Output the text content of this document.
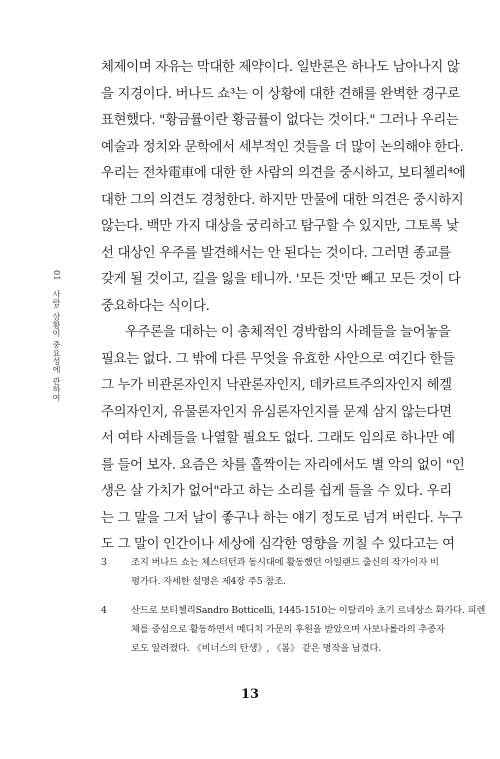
01 사람: 상황이 중요성에 관하여
체제이며 자유는 막대한 제약이다. 일반론은 하나도 남아나지 않
을 지경이다. 버나드 쇼³는 이 상황에 대한 견해를 완벽한 경구로
표현했다. "황금률이란 황금률이 없다는 것이다." 그러나 우리는
예술과 정치와 문학에서 세부적인 것들을 더 많이 논의해야 한다.
우리는 전차電車에 대한 한 사람의 의견을 중시하고, 보티첼리⁴에
대한 그의 의견도 경청한다. 하지만 만물에 대한 의견은 중시하지
않는다. 백만 가지 대상을 궁리하고 탐구할 수 있지만, 그토록 낯
선 대상인 우주를 발견해서는 안 된다는 것이다. 그러면 종교를
갖게 될 것이고, 길을 잃을 테니까. '모든 것'만 빼고 모든 것이 다
중요하다는 식이다.
우주론을 대하는 이 총체적인 경박함의 사례들을 늘어놓을
필요는 없다. 그 밖에 다른 무엇을 유효한 사안으로 여긴다 한들
그 누가 비관론자인지 낙관론자인지, 데카르트주의자인지 헤겔
주의자인지, 유물론자인지 유심론자인지를 문제 삼지 않는다면
서 여타 사례들을 나열할 필요도 없다. 그래도 임의로 하나만 예
를 들어 보자. 요즘은 차를 홀짝이는 자리에서도 별 악의 없이 "인
생은 살 가치가 없어"라고 하는 소리를 쉽게 들을 수 있다. 우리
는 그 말을 그저 날이 좋구나 하는 얘기 정도로 넘겨 버린다. 누구
도 그 말이 인간이나 세상에 심각한 영향을 끼칠 수 있다고는 여
3	조지 버나드 쇼는 체스터턴과 동시대에 활동했던 아일랜드 출신의 작가이자 비
평가다. 자세한 설명은 제4장 주5 참조.
4	산드로 보티첼리Sandro Botticelli, 1445-1510는 이탈리아 초기 르네상스 화가다. 피렌
체를 중심으로 활동하면서 메디치 가문의 후원을 받았으며 사보나롤라의 추종자
로도 알려졌다. 《비너스의 탄생》, 《봄》 같은 명작을 남겼다.
13
